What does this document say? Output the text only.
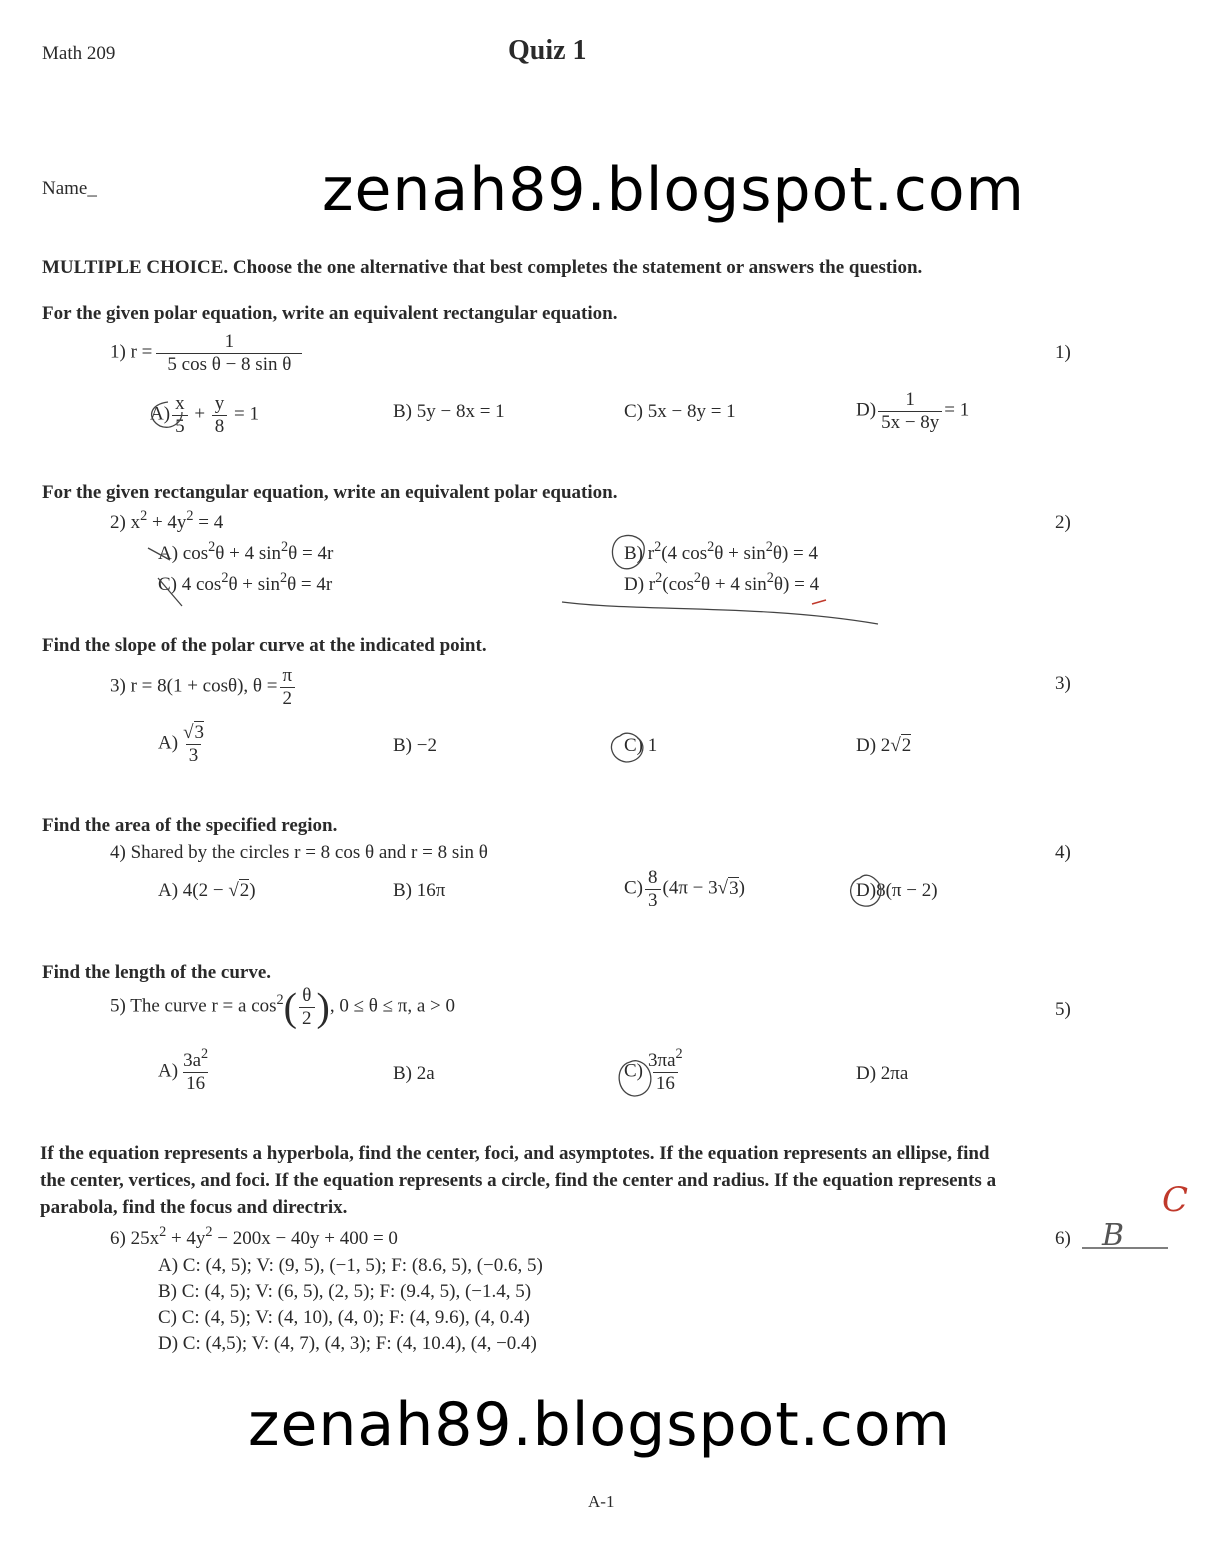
Math 209	Quiz 1
Name_	zenah89.blogspot.com
MULTIPLE CHOICE. Choose the one alternative that best completes the statement or answers the question.
For the given polar equation, write an equivalent rectangular equation.
1) $r = \frac{1}{\text{5 cos θ − 8 sin θ}}$	1)
$A) \frac{x}{5} + \frac{y}{8} = 1$	B) 5y − 8x = 1	C) 5x − 8y = 1	$D) \frac{1}{5x - 8y} = 1$
For the given rectangular equation, write an equivalent polar equation.
2) $x^2 + 4y^2 = 4$	2)
A) $\cos^2\theta + 4$ $\sin^2\theta = 4r$	B) $r^2(4$ $\cos^2\theta + \sin^2\theta) = 4$
C) 4 $\cos^2\theta + \sin^2\theta = 4r$	D) $r^2(\cos^2\theta + 4$ $\sin^2\theta) = 4$
Find the slope of the polar curve at the indicated point.
3) r = 8(1 + cosθ), $\theta = \frac{\pi}{2}$	3)
$A) \frac{√3}{3}$	B) −2	C) 1	D) 2√2
Find the area of the specified region.
4) Shared by the circles r = 8 cos θ and r = 8 sin θ	4)
A) 4(2 − √2)	B) 16π	$C) \frac{8}{3} (4\pi - 3√3)$	D)8(π − 2)
Find the length of the curve.
5) The curve r = a $\cos^2( \frac{\theta}{2}$ ), 0 ≤ θ ≤ π, a > 0	5)
$A) \frac{3a^2}{16}$	B) 2a	$C) \frac{3\pi a^2}{16}$	D) 2πa
If the equation represents a hyperbola, find the center, foci, and asymptotes. If the equation represents an ellipse, find
the center, vertices, and foci. If the equation represents a circle, find the center and radius. If the equation represents a
parabola, find the focus and directrix.
6) $25x^2 + 4y^2 - 200x - 40y + 400 = 0$	6)
A) C: (4, 5); V: (9, 5), (−1, 5); F: (8.6, 5), (−0.6, 5)
B) C: (4, 5); V: (6, 5), (2, 5); F: (9.4, 5), (−1.4, 5)
C) C: (4, 5); V: (4, 10), (4, 0); F: (4, 9.6), (4, 0.4)
D) C: (4,5); V: (4, 7), (4, 3); F: (4, 10.4), (4, −0.4)
zenah89.blogspot.com
A-1
B
C
